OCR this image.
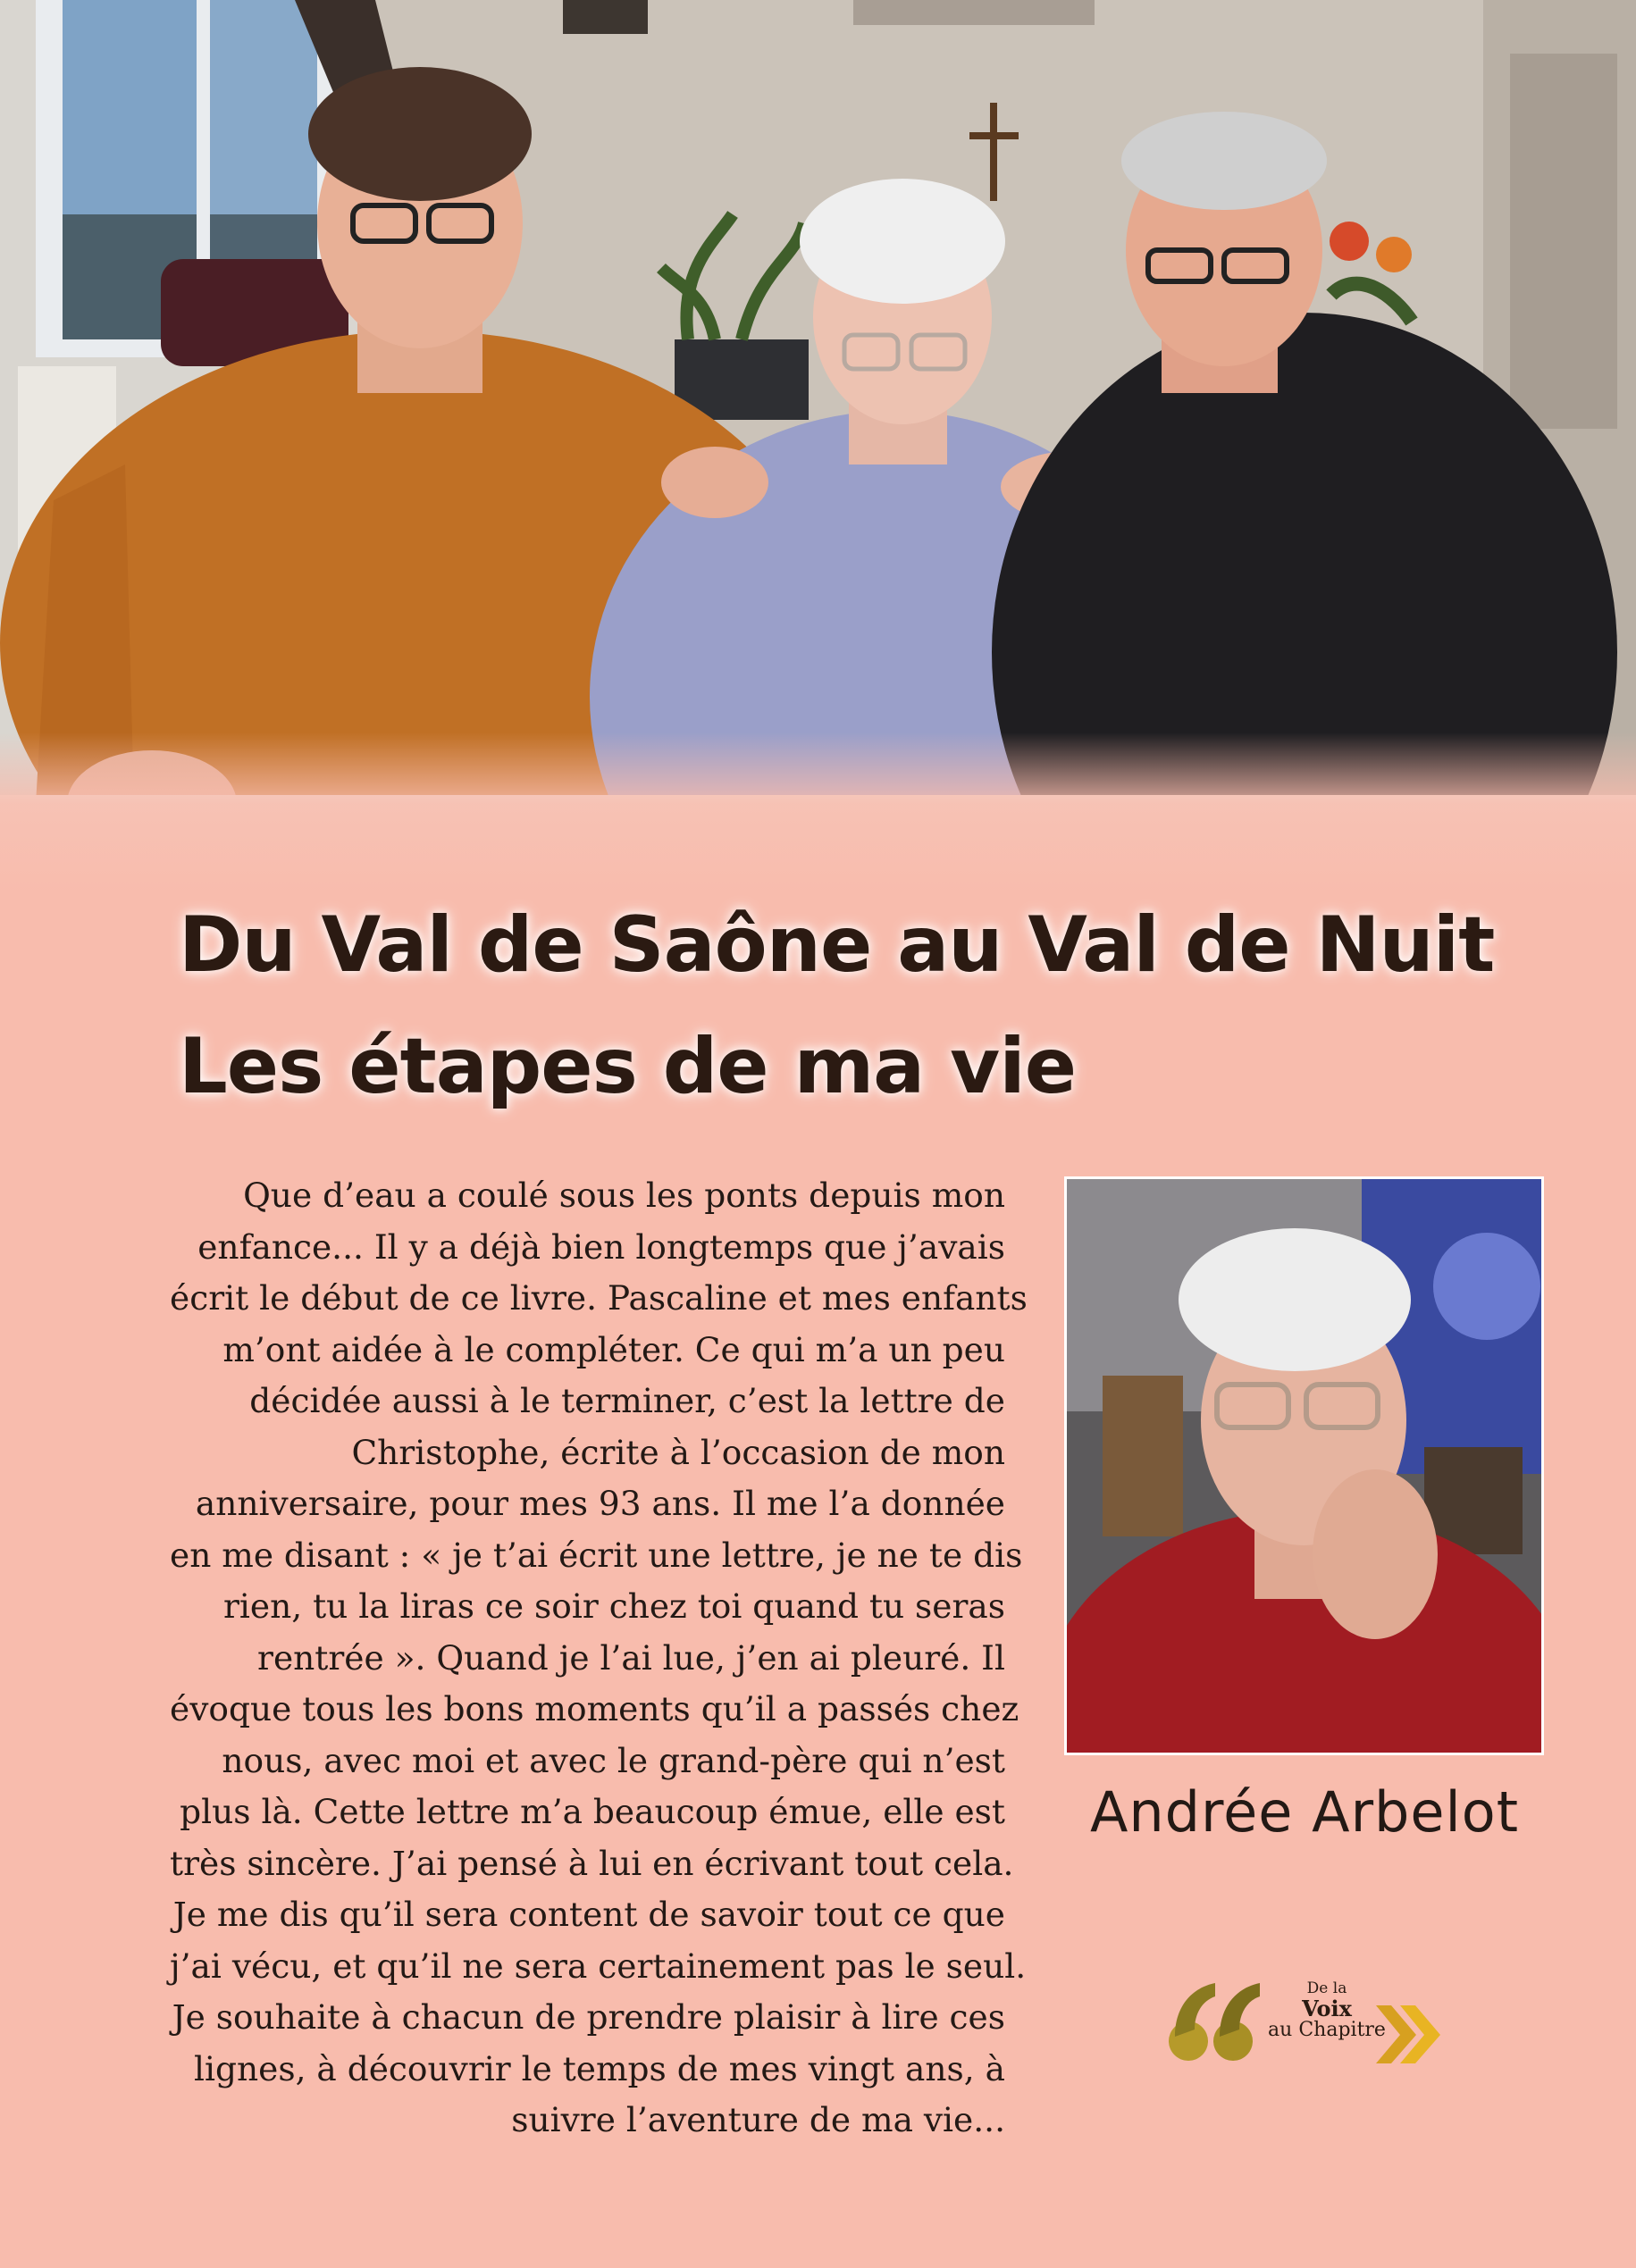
Du Val de Saône au Val de Nuit
Les étapes de ma vie
Que d’eau a coulé sous les ponts depuis mon
enfance... Il y a déjà bien longtemps que j’avais
écrit le début de ce livre. Pascaline et mes enfants
m’ont aidée à le compléter. Ce qui m’a un peu
décidée aussi à le terminer, c’est la lettre de
Christophe, écrite à l’occasion de mon
anniversaire, pour mes 93 ans. Il me l’a donnée
en me disant : « je t’ai écrit une lettre, je ne te dis
rien, tu la liras ce soir chez toi quand tu seras
rentrée ». Quand je l’ai lue, j’en ai pleuré. Il
évoque tous les bons moments qu’il a passés chez
nous, avec moi et avec le grand-père qui n’est
plus là. Cette lettre m’a beaucoup émue, elle est
très sincère. J’ai pensé à lui en écrivant tout cela.
Je me dis qu’il sera content de savoir tout ce que
j’ai vécu, et qu’il ne sera certainement pas le seul.
Je souhaite à chacun de prendre plaisir à lire ces
lignes, à découvrir le temps de mes vingt ans, à
suivre l’aventure de ma vie...
Andrée Arbelot
De la
Voix
au Chapitre
